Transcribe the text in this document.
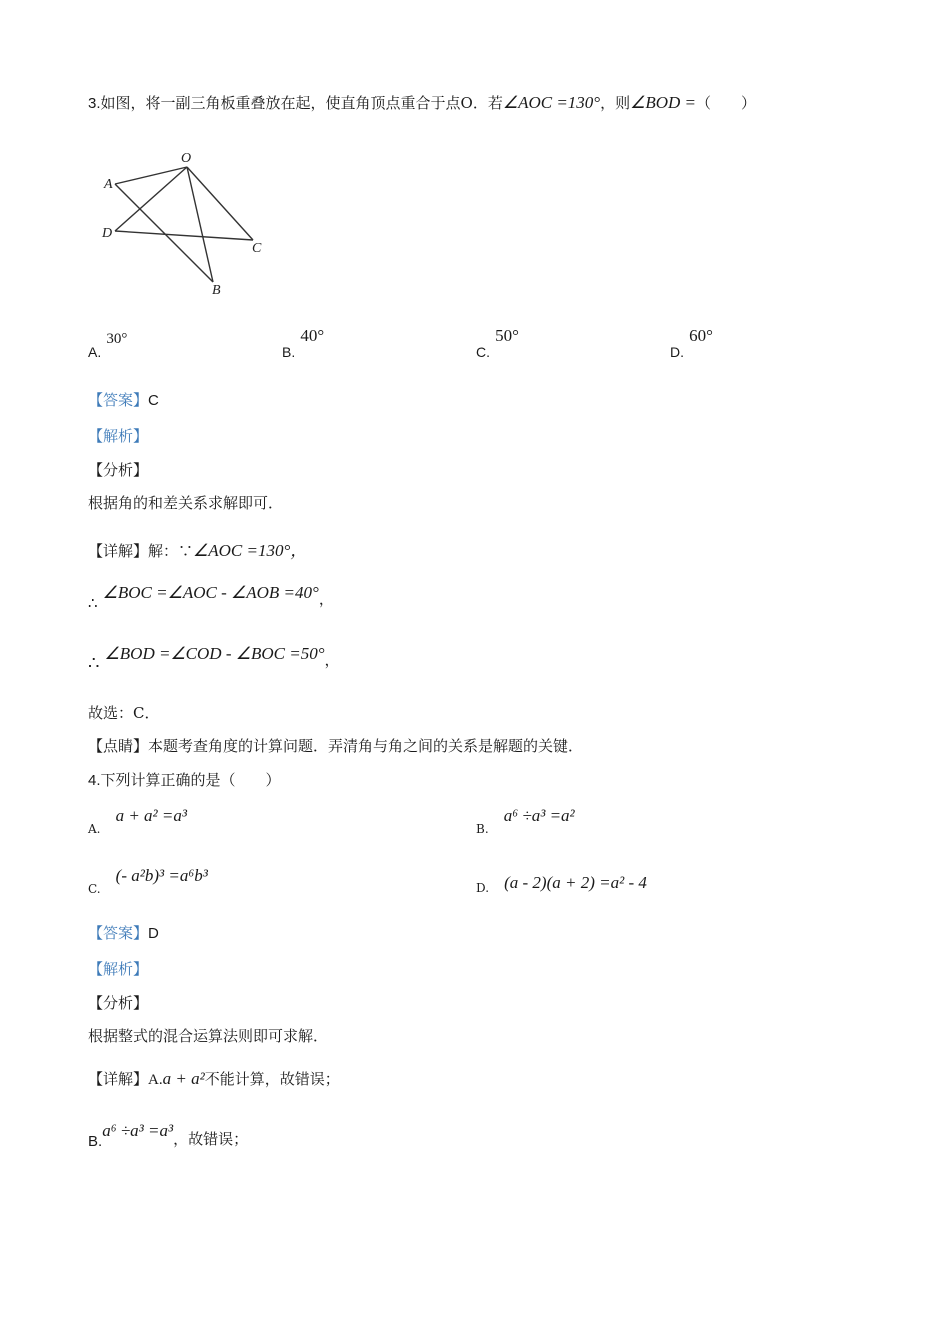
3.如图，将一副三角板重叠放在起，使直角顶点重合于点O．若∠AOC =130°，则∠BOD =（　　）
O
A
D
C
B
A. 30°
B. 40°
C. 50°
D. 60°
【答案】C
【解析】
【分析】
根据角的和差关系求解即可．
【详解】解：∵∠AOC =130°，
∴ ∠BOC =∠AOC - ∠AOB =40°，
∴ ∠BOD =∠COD - ∠BOC =50°，
故选：C．
【点睛】本题考查角度的计算问题．弄清角与角之间的关系是解题的关键．
4.下列计算正确的是（　　）
$_{A.}$ a + a² =a³
$_{B.}$ a⁶ ÷a³ =a²
$_{C.}$ (- a²b)³ =a⁶b³
$_{D.}$ (a - 2)(a + 2) =a² - 4
【答案】D
【解析】
【分析】
根据整式的混合运算法则即可求解．
【详解】A.a + a²不能计算，故错误；
B.a⁶ ÷a³ =a³，故错误；
